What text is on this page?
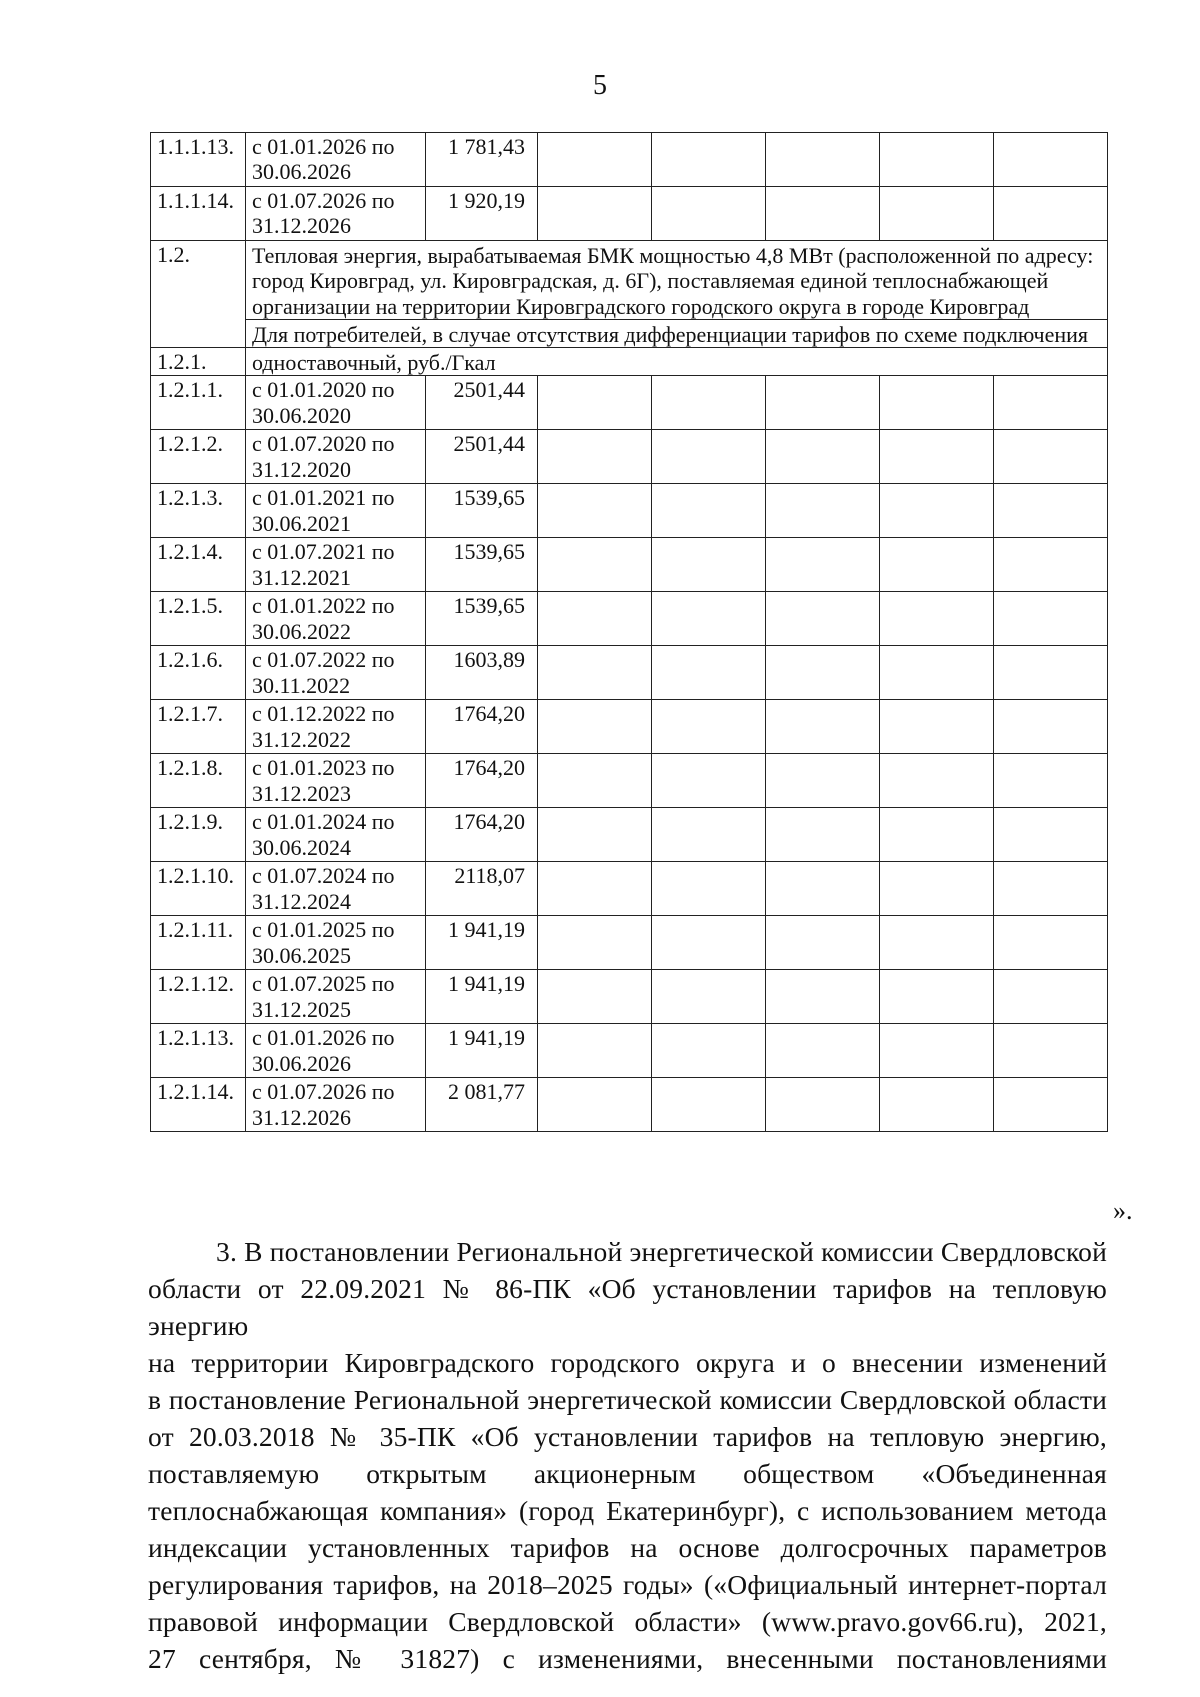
5
1.1.1.13.	с 01.01.2026 по 30.06.2026	1 781,43					
1.1.1.14.	с 01.07.2026 по 31.12.2026	1 920,19					
1.2.	Тепловая энергия, вырабатываемая БМК мощностью 4,8 МВт (расположенной по адресу: город Кировград, ул. Кировградская, д. 6Г), поставляемая единой теплоснабжающей организации на территории Кировградского городского округа в городе Кировград						
	Для потребителей, в случае отсутствия дифференциации тарифов по схеме подключения						
1.2.1.	одноставочный, руб./Гкал						
1.2.1.1.	с 01.01.2020 по 30.06.2020	2501,44					
1.2.1.2.	с 01.07.2020 по 31.12.2020	2501,44					
1.2.1.3.	с 01.01.2021 по 30.06.2021	1539,65					
1.2.1.4.	с 01.07.2021 по 31.12.2021	1539,65					
1.2.1.5.	с 01.01.2022 по 30.06.2022	1539,65					
1.2.1.6.	с 01.07.2022 по 30.11.2022	1603,89					
1.2.1.7.	с 01.12.2022 по 31.12.2022	1764,20					
1.2.1.8.	с 01.01.2023 по 31.12.2023	1764,20					
1.2.1.9.	с 01.01.2024 по 30.06.2024	1764,20					
1.2.1.10.	с 01.07.2024 по 31.12.2024	2118,07					
1.2.1.11.	с 01.01.2025 по 30.06.2025	1 941,19					
1.2.1.12.	с 01.07.2025 по 31.12.2025	1 941,19					
1.2.1.13.	с 01.01.2026 по 30.06.2026	1 941,19					
1.2.1.14.	с 01.07.2026 по 31.12.2026	2 081,77					
».
3. В постановлении Региональной энергетической комиссии Свердловской
области от 22.09.2021 № 86-ПК «Об установлении тарифов на тепловую энергию
на территории Кировградского городского округа и о внесении изменений
в постановление Региональной энергетической комиссии Свердловской области
от 20.03.2018 № 35-ПК «Об установлении тарифов на тепловую энергию,
поставляемую открытым акционерным обществом «Объединенная
теплоснабжающая компания» (город Екатеринбург), с использованием метода
индексации установленных тарифов на основе долгосрочных параметров
регулирования тарифов, на 2018–2025 годы» («Официальный интернет-портал
правовой информации Свердловской области» (www.pravo.gov66.ru), 2021,
27 сентября, № 31827) с изменениями, внесенными постановлениями
